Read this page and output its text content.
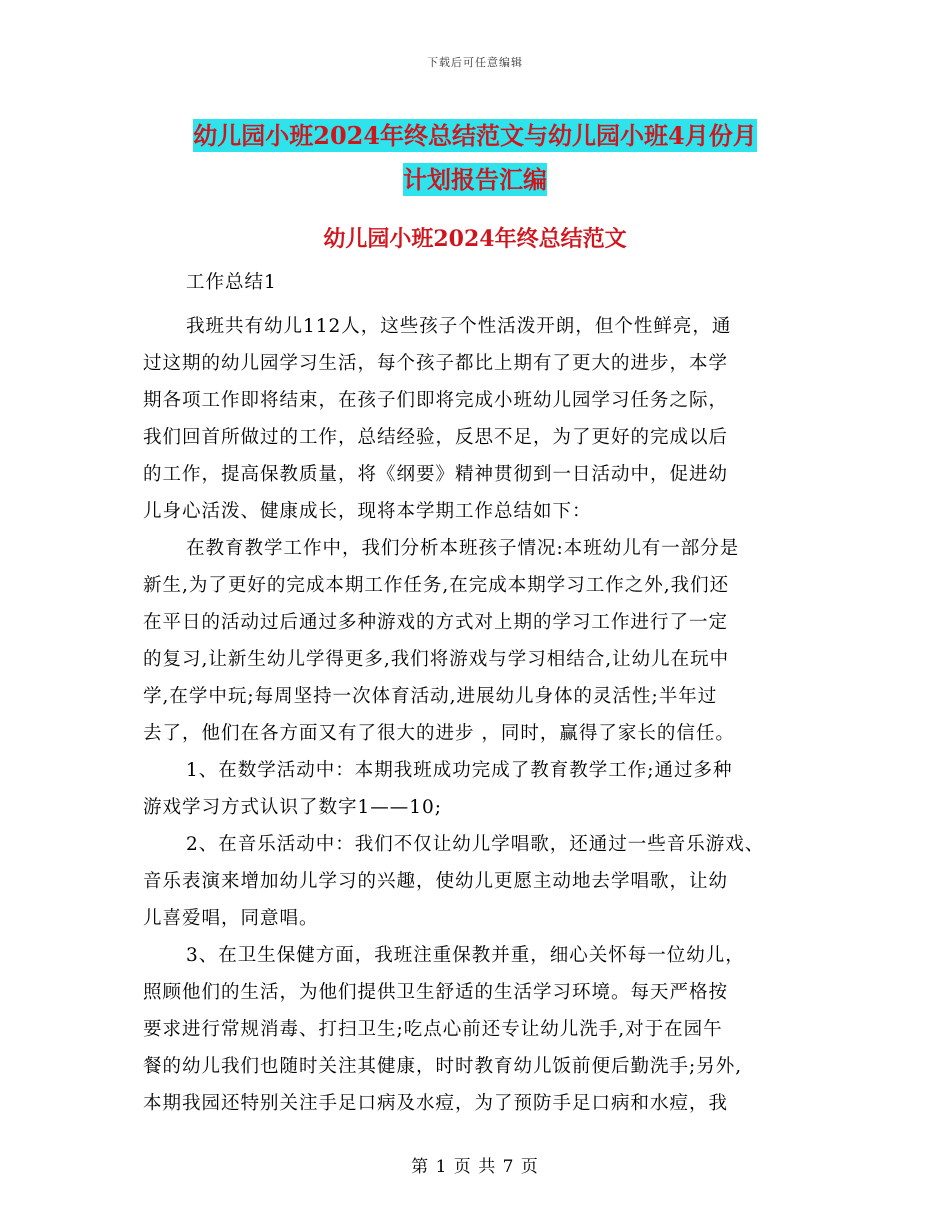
下载后可任意编辑
幼儿园小班2024年终总结范文与幼儿园小班4月份月
计划报告汇编
幼儿园小班2024年终总结范文
工作总结1
我班共有幼儿112人，这些孩子个性活泼开朗，但个性鲜亮，通
过这期的幼儿园学习生活，每个孩子都比上期有了更大的进步，本学
期各项工作即将结束，在孩子们即将完成小班幼儿园学习任务之际，
我们回首所做过的工作，总结经验，反思不足，为了更好的完成以后
的工作，提高保教质量，将《纲要》精神贯彻到一日活动中，促进幼
儿身心活泼、健康成长，现将本学期工作总结如下：
在教育教学工作中，我们分析本班孩子情况:本班幼儿有一部分是
新生,为了更好的完成本期工作任务,在完成本期学习工作之外,我们还
在平日的活动过后通过多种游戏的方式对上期的学习工作进行了一定
的复习,让新生幼儿学得更多,我们将游戏与学习相结合,让幼儿在玩中
学,在学中玩;每周坚持一次体育活动,进展幼儿身体的灵活性;半年过
去了，他们在各方面又有了很大的进步 ，同时，赢得了家长的信任。
1、在数学活动中：本期我班成功完成了教育教学工作;通过多种
游戏学习方式认识了数字1——10;
2、在音乐活动中：我们不仅让幼儿学唱歌，还通过一些音乐游戏、
音乐表演来增加幼儿学习的兴趣，使幼儿更愿主动地去学唱歌，让幼
儿喜爱唱，同意唱。
3、在卫生保健方面，我班注重保教并重，细心关怀每一位幼儿，
照顾他们的生活，为他们提供卫生舒适的生活学习环境。每天严格按
要求进行常规消毒、打扫卫生;吃点心前还专让幼儿洗手,对于在园午
餐的幼儿我们也随时关注其健康，时时教育幼儿饭前便后勤洗手;另外,
本期我园还特别关注手足口病及水痘，为了预防手足口病和水痘，我
第 1 页 共 7 页
